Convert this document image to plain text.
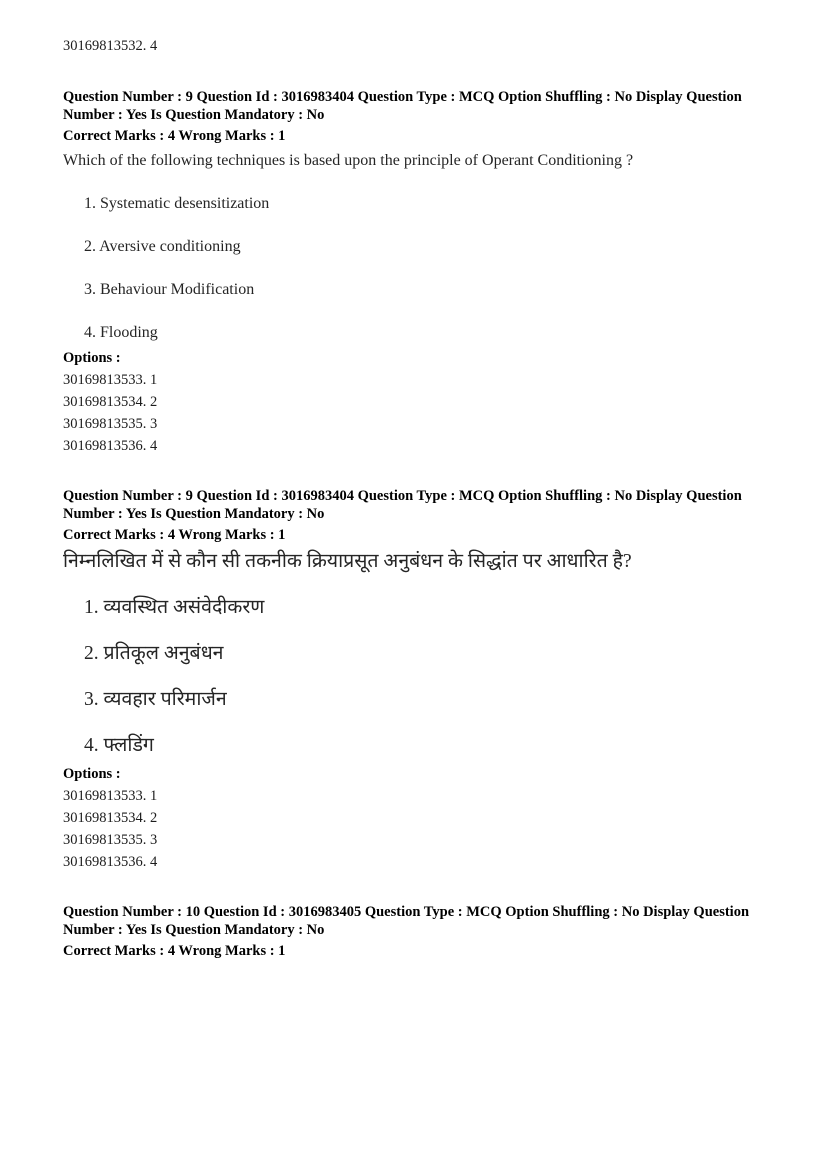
30169813532. 4

Question Number : 9 Question Id : 3016983404 Question Type : MCQ Option Shuffling : No Display Question Number : Yes Is Question Mandatory : No

Correct Marks : 4 Wrong Marks : 1

Which of the following techniques is based upon the principle of Operant Conditioning ?

1. Systematic desensitization

2. Aversive conditioning

3. Behaviour Modification

4. Flooding

Options :

30169813533. 1

30169813534. 2

30169813535. 3

30169813536. 4

Question Number : 9 Question Id : 3016983404 Question Type : MCQ Option Shuffling : No Display Question Number : Yes Is Question Mandatory : No

Correct Marks : 4 Wrong Marks : 1

निम्नलिखित में से कौन सी तकनीक क्रियाप्रसूत अनुबंधन के सिद्धांत पर आधारित है?

1. व्यवस्थित असंवेदीकरण

2. प्रतिकूल अनुबंधन

3. व्यवहार परिमार्जन

4. फ्लडिंग

Options :

30169813533. 1

30169813534. 2

30169813535. 3

30169813536. 4

Question Number : 10 Question Id : 3016983405 Question Type : MCQ Option Shuffling : No Display Question Number : Yes Is Question Mandatory : No

Correct Marks : 4 Wrong Marks : 1
